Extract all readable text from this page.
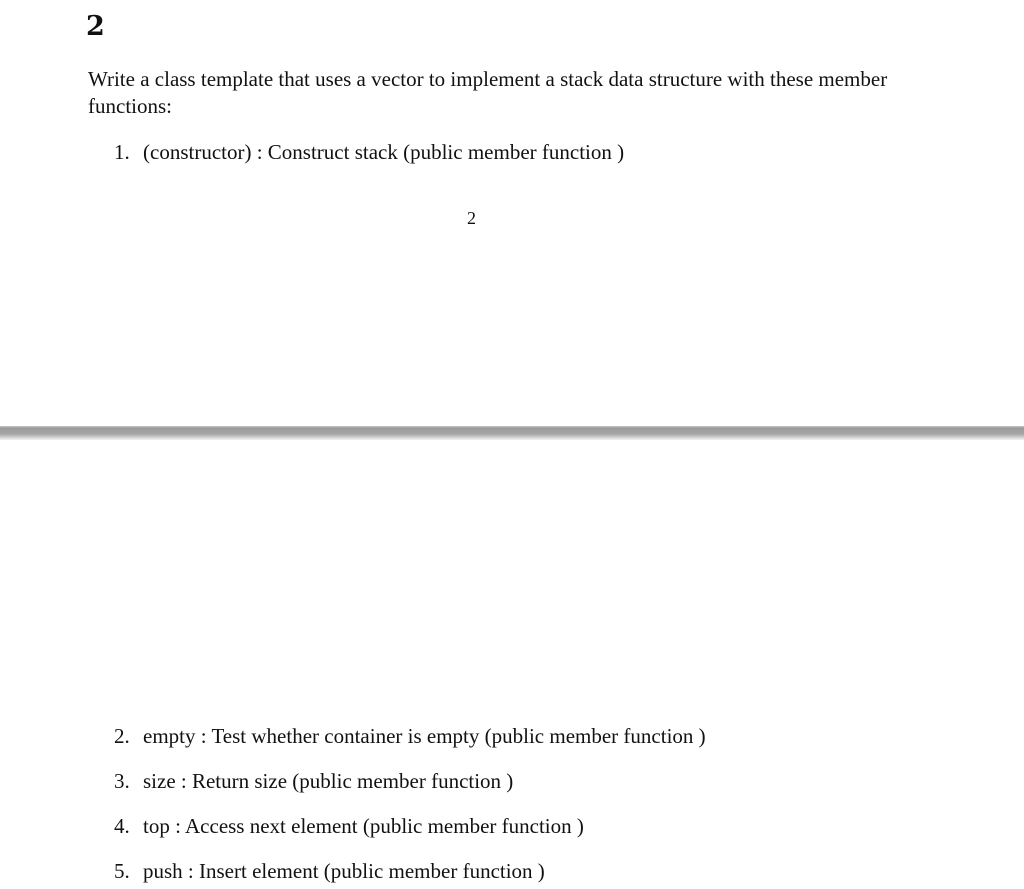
2
Write a class template that uses a vector to implement a stack data structure with these member functions:
1. (constructor) : Construct stack (public member function )
2
2. empty : Test whether container is empty (public member function )
3. size : Return size (public member function )
4. top : Access next element (public member function )
5. push : Insert element (public member function )
